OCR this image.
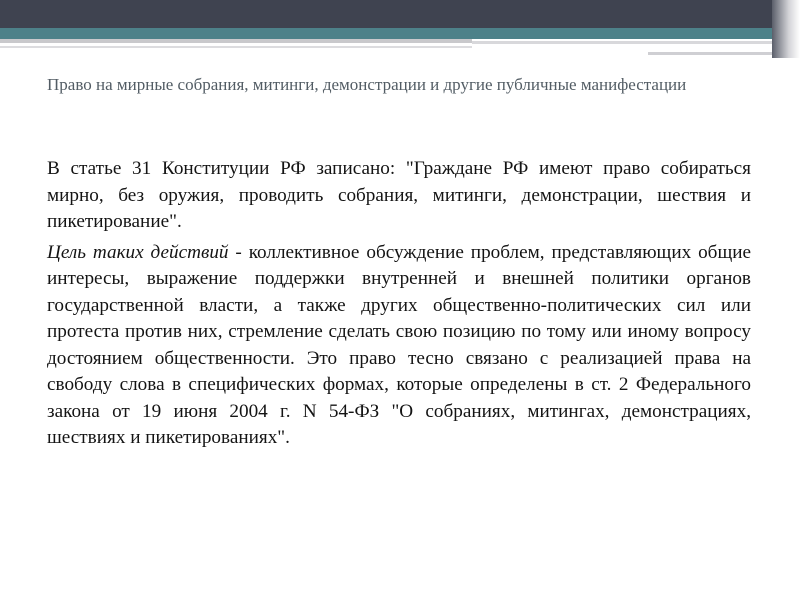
Право на мирные собрания, митинги, демонстрации и другие публичные манифестации

В статье 31 Конституции РФ записано: "Граждане РФ имеют право собираться мирно, без оружия, проводить собрания, митинги, демонстрации, шествия и пикетирование".

Цель таких действий - коллективное обсуждение проблем, представляющих общие интересы, выражение поддержки внутренней и внешней политики органов государственной власти, а также других общественно-политических сил или протеста против них, стремление сделать свою позицию по тому или иному вопросу достоянием общественности. Это право тесно связано с реализацией права на свободу слова в специфических формах, которые определены в ст. 2 Федерального закона от 19 июня 2004 г. N 54-ФЗ "О собраниях, митингах, демонстрациях, шествиях и пикетированиях".
